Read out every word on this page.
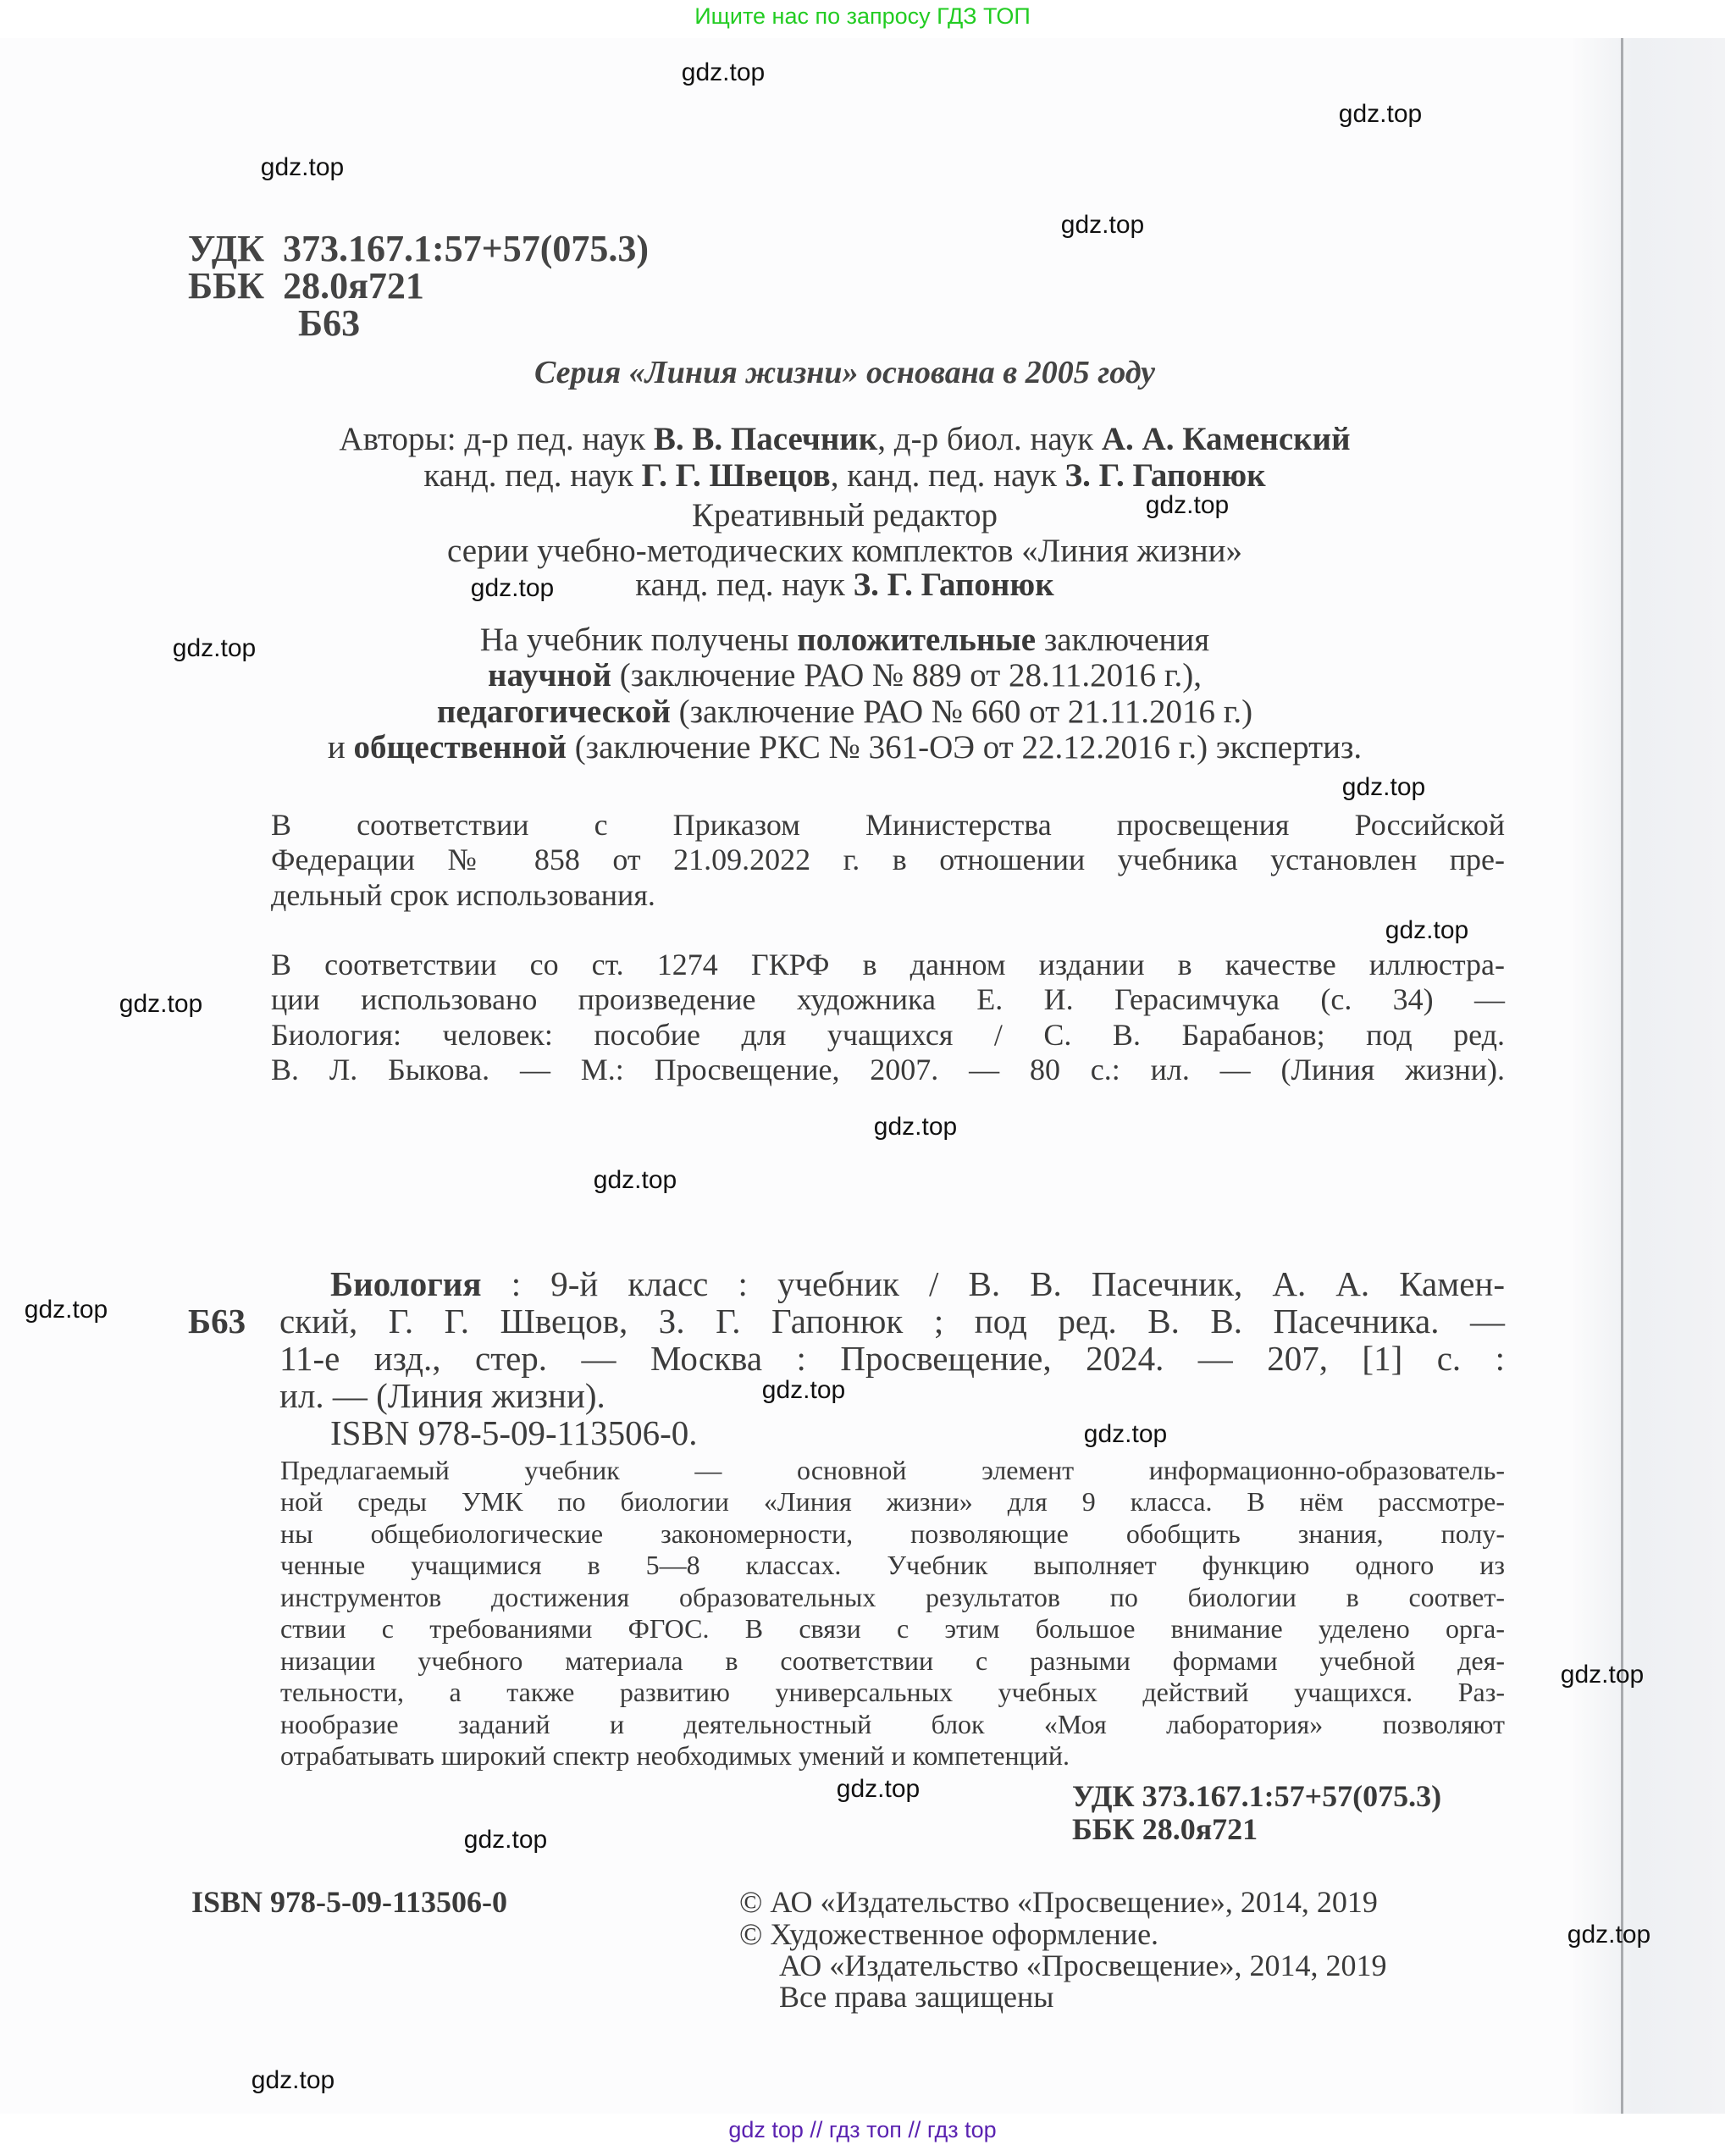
Ищите нас по запросу ГДЗ ТОП
УДК 373.167.1:57+57(075.3)
ББК 28.0я721
Б63
Серия «Линия жизни» основана в 2005 году
Авторы: д-р пед. наук В. В. Пасечник, д-р биол. наук А. А. Каменский
канд. пед. наук Г. Г. Швецов, канд. пед. наук З. Г. Гапонюк
Креативный редактор
серии учебно-методических комплектов «Линия жизни»
канд. пед. наук З. Г. Гапонюк
На учебник получены положительные заключения
научной (заключение РАО № 889 от 28.11.2016 г.),
педагогической (заключение РАО № 660 от 21.11.2016 г.)
и общественной (заключение РКС № 361-ОЭ от 22.12.2016 г.) экспертиз.
В соответствии с Приказом Министерства просвещения Российской
Федерации № 858 от 21.09.2022 г. в отношении учебника установлен пре-
дельный срок использования.
В соответствии со ст. 1274 ГКРФ в данном издании в качестве иллюстра-
ции использовано произведение художника Е. И. Герасимчука (с. 34) —
Биология: человек: пособие для учащихся / С. В. Барабанов; под ред.
В. Л. Быкова. — М.: Просвещение, 2007. — 80 с.: ил. — (Линия жизни).
Б63
Биология : 9-й класс : учебник / В. В. Пасечник, А. А. Камен-
ский, Г. Г. Швецов, З. Г. Гапонюк ; под ред. В. В. Пасечника. —
11-е изд., стер. — Москва : Просвещение, 2024. — 207, [1] с. :
ил. — (Линия жизни).
ISBN 978-5-09-113506-0.
Предлагаемый учебник — основной элемент информационно-образователь-
ной среды УМК по биологии «Линия жизни» для 9 класса. В нём рассмотре-
ны общебиологические закономерности, позволяющие обобщить знания, полу-
ченные учащимися в 5—8 классах. Учебник выполняет функцию одного из
инструментов достижения образовательных результатов по биологии в соответ-
ствии с требованиями ФГОС. В связи с этим большое внимание уделено орга-
низации учебного материала в соответствии с разными формами учебной дея-
тельности, а также развитию универсальных учебных действий учащихся. Раз-
нообразие заданий и деятельностный блок «Моя лаборатория» позволяют
отрабатывать широкий спектр необходимых умений и компетенций.
УДК 373.167.1:57+57(075.3)
ББК 28.0я721
ISBN 978-5-09-113506-0	© АО «Издательство «Просвещение», 2014, 2019
© Художественное оформление.
АО «Издательство «Просвещение», 2014, 2019
Все права защищены
gdz.top
gdz.top
gdz.top
gdz.top
gdz.top
gdz.top
gdz.top
gdz.top
gdz.top
gdz.top
gdz.top
gdz.top
gdz.top
gdz.top
gdz.top
gdz.top
gdz.top
gdz.top
gdz.top
gdz.top
gdz top // гдз топ // гдз top
